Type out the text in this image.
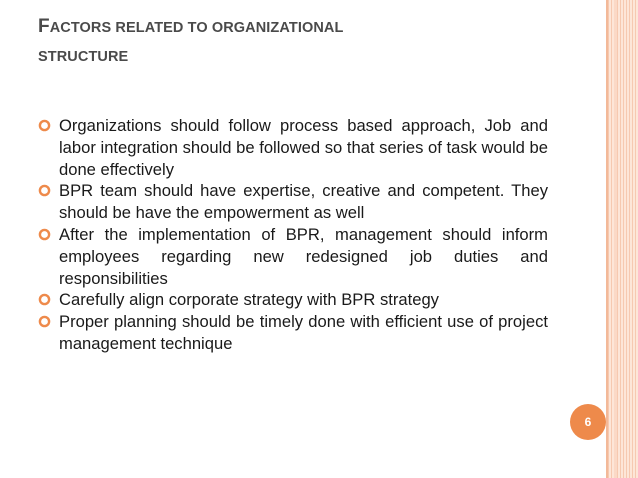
FACTORS RELATED TO ORGANIZATIONAL
STRUCTURE
Organizations should follow process based approach, Job and labor integration should be followed so that series of task would be done effectively
BPR team should have expertise, creative and competent. They should be have the empowerment as well
After the implementation of BPR, management should inform employees regarding new redesigned job duties and responsibilities
Carefully align corporate strategy with BPR strategy
Proper planning should be timely done with efficient use of project management technique
6
